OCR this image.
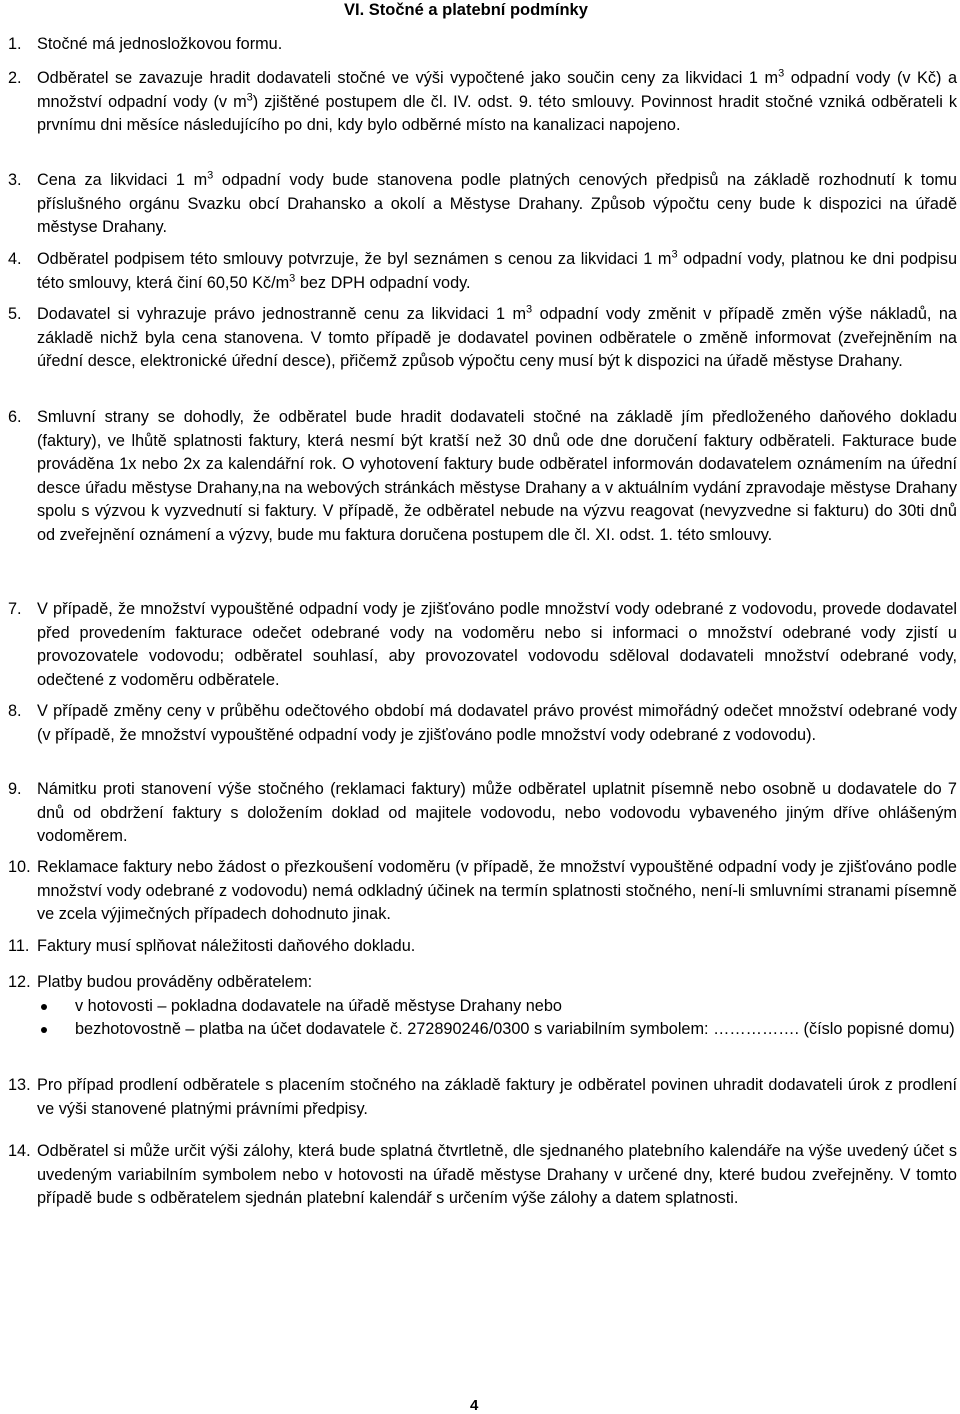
VI. Stočné a platební podmínky
1. Stočné má jednosložkovou formu.
2. Odběratel se zavazuje hradit dodavateli stočné ve výši vypočtené jako součin ceny za likvidaci 1 $m^3$ odpadní vody (v Kč) a množství odpadní vody (v $m^3$) zjištěné postupem dle čl. IV. odst. 9. této smlouvy. Povinnost hradit stočné vzniká odběrateli k prvnímu dni měsíce následujícího po dni, kdy bylo odběrné místo na kanalizaci napojeno.
3. Cena za likvidaci 1 $m^3$ odpadní vody bude stanovena podle platných cenových předpisů na základě rozhodnutí k tomu příslušného orgánu Svazku obcí Drahansko a okolí a Městyse Drahany. Způsob výpočtu ceny bude k dispozici na úřadě městyse Drahany.
4. Odběratel podpisem této smlouvy potvrzuje, že byl seznámen s cenou za likvidaci 1 $m^3$ odpadní vody, platnou ke dni podpisu této smlouvy, která činí 60,50 $Kč/m^3$ bez DPH odpadní vody.
5. Dodavatel si vyhrazuje právo jednostranně cenu za likvidaci 1 $m^3$ odpadní vody změnit v případě změn výše nákladů, na základě nichž byla cena stanovena. V tomto případě je dodavatel povinen odběratele o změně informovat (zveřejněním na úřední desce, elektronické úřední desce), přičemž způsob výpočtu ceny musí být k dispozici na úřadě městyse Drahany.
6. Smluvní strany se dohodly, že odběratel bude hradit dodavateli stočné na základě jím předloženého daňového dokladu (faktury), ve lhůtě splatnosti faktury, která nesmí být kratší než 30 dnů ode dne doručení faktury odběrateli. Fakturace bude prováděna 1x nebo 2x za kalendářní rok. O vyhotovení faktury bude odběratel informován dodavatelem oznámením na úřední desce úřadu městyse Drahany,na na webových stránkách městyse Drahany a v aktuálním vydání zpravodaje městyse Drahany spolu s výzvou k vyzvednutí si faktury. V případě, že odběratel nebude na výzvu reagovat (nevyzvedne si fakturu) do 30ti dnů od zveřejnění oznámení a výzvy, bude mu faktura doručena postupem dle čl. XI. odst. 1. této smlouvy.
7. V případě, že množství vypouštěné odpadní vody je zjišťováno podle množství vody odebrané z vodovodu, provede dodavatel před provedením fakturace odečet odebrané vody na vodoměru nebo si informaci o množství odebrané vody zjistí u provozovatele vodovodu; odběratel souhlasí, aby provozovatel vodovodu sděloval dodavateli množství odebrané vody, odečtené z vodoměru odběratele.
8. V případě změny ceny v průběhu odečtového období má dodavatel právo provést mimořádný odečet množství odebrané vody (v případě, že množství vypouštěné odpadní vody je zjišťováno podle množství vody odebrané z vodovodu).
9. Námitku proti stanovení výše stočného (reklamaci faktury) může odběratel uplatnit písemně nebo osobně u dodavatele do 7 dnů od obdržení faktury s doložením doklad od majitele vodovodu, nebo vodovodu vybaveného jiným dříve ohlášeným vodoměrem.
10. Reklamace faktury nebo žádost o přezkoušení vodoměru (v případě, že množství vypouštěné odpadní vody je zjišťováno podle množství vody odebrané z vodovodu) nemá odkladný účinek na termín splatnosti stočného, není-li smluvními stranami písemně ve zcela výjimečných případech dohodnuto jinak.
11. Faktury musí splňovat náležitosti daňového dokladu.
12. Platby budou prováděny odběratelem:
v hotovosti – pokladna dodavatele na úřadě městyse Drahany nebo
bezhotovostně – platba na účet dodavatele č. 272890246/0300 s variabilním symbolem: ……………. (číslo popisné domu)
13. Pro případ prodlení odběratele s placením stočného na základě faktury je odběratel povinen uhradit dodavateli úrok z prodlení ve výši stanovené platnými právními předpisy.
14. Odběratel si může určit výši zálohy, která bude splatná čtvrtletně, dle sjednaného platebního kalendáře na výše uvedený účet s uvedeným variabilním symbolem nebo v hotovosti na úřadě městyse Drahany v určené dny, které budou zveřejněny. V tomto případě bude s odběratelem sjednán platební kalendář s určením výše zálohy a datem splatnosti.
4
